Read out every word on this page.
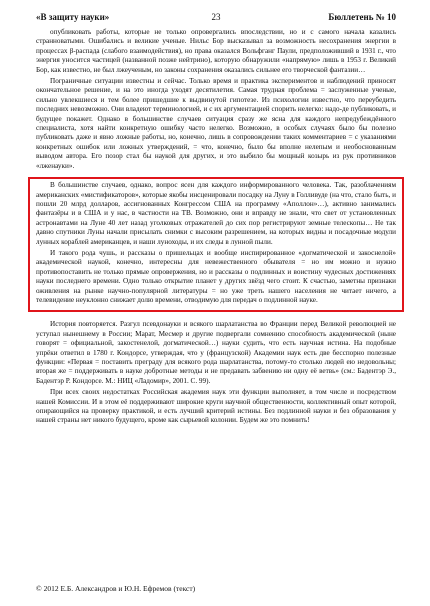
«В защиту науки»	23	Бюллетень № 10

опубликовать работы, которые не только опровергались впоследствии, но и с самого начала казались странноватыми. Ошибались и великие ученые. Нильс Бор высказывал за возможность несохранения энергии в процессах β-распада (слабого взаимодействия), но права оказался Вольфганг Паули, предположивший в 1931 г., что энергия уносится частицей (названной позже нейтрино), которую обнаружили «напрямую» лишь в 1953 г. Великий Бор, как известно, не был лжеученым, но законы сохранения оказались сильнее его творческой фантазии…

Пограничные ситуации известны и сейчас. Только время и практика экспериментов и наблюдений приносят окончательное решение, и на это иногда уходят десятилетия. Самая трудная проблема = заслуженные ученые, сильно увлекшиеся и тем более пришедшие к выдвинутой гипотезе. Из психологии известно, что переубедить последних невозможно. Они владеют терминологией, и с их аргументацией спорить нелегко: надо-де публиковать, и будущее покажет. Однако в большинстве случаев ситуация сразу же ясна для каждого непредубеждённого специалиста, хотя найти конкретную ошибку часто нелегко. Возможно, в особых случаях было бы полезно публиковать даже и явно ложные работы, но, конечно, лишь в сопровождении таких комментариев = с указаниями конкретных ошибок или ложных утверждений, = что, конечно, было бы вполне нелепым и необоснованным выводом автора. Его позор стал бы наукой для других, и это выбило бы мощный козырь из рук противников «лженауки».

В большинстве случаев, однако, вопрос ясен для каждого информированного человека. Так, разоблачениям американских «мистификаторов», которые якобы инсценировали посадку на Луну в Голливуде (на что, стало быть, и пошли 20 млрд долларов, ассигнованных Конгрессом США на программу «Аполлон»…), активно занимались фантазёры и в США и у нас, в частности на ТВ. Возможно, они и вправду не знали, что свет от установленных астронавтами на Луне 40 лет назад уголковых отражателей до сих пор регистрируют земные телескопы… Не так давно спутники Луны начали присылать снимки с высоким разрешением, на которых видны и посадочные модули лунных кораблей американцев, и наши луноходы, и их следы в лунной пыли.

И такого рода чушь, и рассказы о пришельцах и вообще инспирированное «догматической и закоснелой» академической наукой, конечно, интересны для невежественного обывателя = но им можно и нужно противопоставить не только прямые опровержения, но и рассказы о подлинных и воистину чудесных достижениях науки последнего времени. Одно только открытие планет у других звёзд чего стоит. К счастью, заметны признаки оживления на рынке научно-популярной литературы = но уже треть нашего населения не читает ничего, а телевидение неуклонно снижает долю времени, отводимую для передач о подлинной науке.

История повторяется. Разгул псевдонауки и всякого шарлатанства во Франции перед Великой революцией не уступал нынешнему в России; Марат, Месмер и другие подвергали сомнению способность академической (ныне говорят = официальной, закостенелой, догматической…) науки судить, что есть научная истина. На подобные упрёки ответил в 1780 г. Кондорсе, утверждая, что у (французской) Академии наук есть две бесспорно полезные функции: «Первая = поставить преграду для всякого рода шарлатанства, потому-то столько людей ею недовольны; вторая же = поддерживать в науке добротные методы и не предавать забвению ни одну её ветвь» (см.: Бадентэр Э., Бадентэр Р. Кондорсе. М.: НИЦ «Ладомир», 2001. С. 99).

При всех своих недостатках Российская академия наук эти функции выполняет, в том числе и посредством нашей Комиссии. И в этом её поддерживают широкие круги научной общественности, коллективный опыт которой, опирающийся на проверку практикой, и есть лучший критерий истины. Без подлинной науки и без образования у нашей страны нет никого будущего, кроме как сырьевой колонии. Будем же это помнить!

© 2012 Е.Б. Александров и Ю.Н. Ефремов (текст)
